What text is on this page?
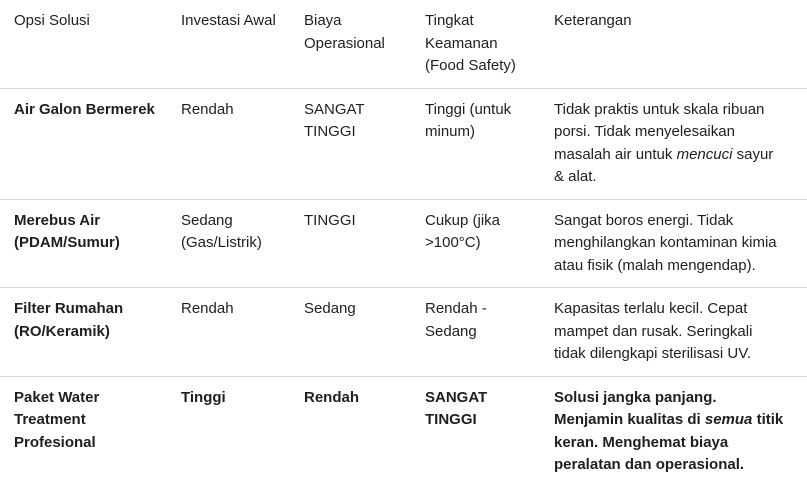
Opsi Solusi	Investasi Awal	Biaya Operasional	Tingkat Keamanan (Food Safety)	Keterangan
Air Galon Bermerek	Rendah	SANGAT TINGGI	Tinggi (untuk minum)	Tidak praktis untuk skala ribuan porsi. Tidak menyelesaikan masalah air untuk mencuci sayur & alat.
Merebus Air (PDAM/Sumur)	Sedang (Gas/Listrik)	TINGGI	Cukup (jika >100°C)	Sangat boros energi. Tidak menghilangkan kontaminan kimia atau fisik (malah mengendap).
Filter Rumahan (RO/Keramik)	Rendah	Sedang	Rendah - Sedang	Kapasitas terlalu kecil. Cepat mampet dan rusak. Seringkali tidak dilengkapi sterilisasi UV.
Paket Water Treatment Profesional	Tinggi	Rendah	SANGAT TINGGI	Solusi jangka panjang. Menjamin kualitas di semua titik keran. Menghemat biaya peralatan dan operasional.
